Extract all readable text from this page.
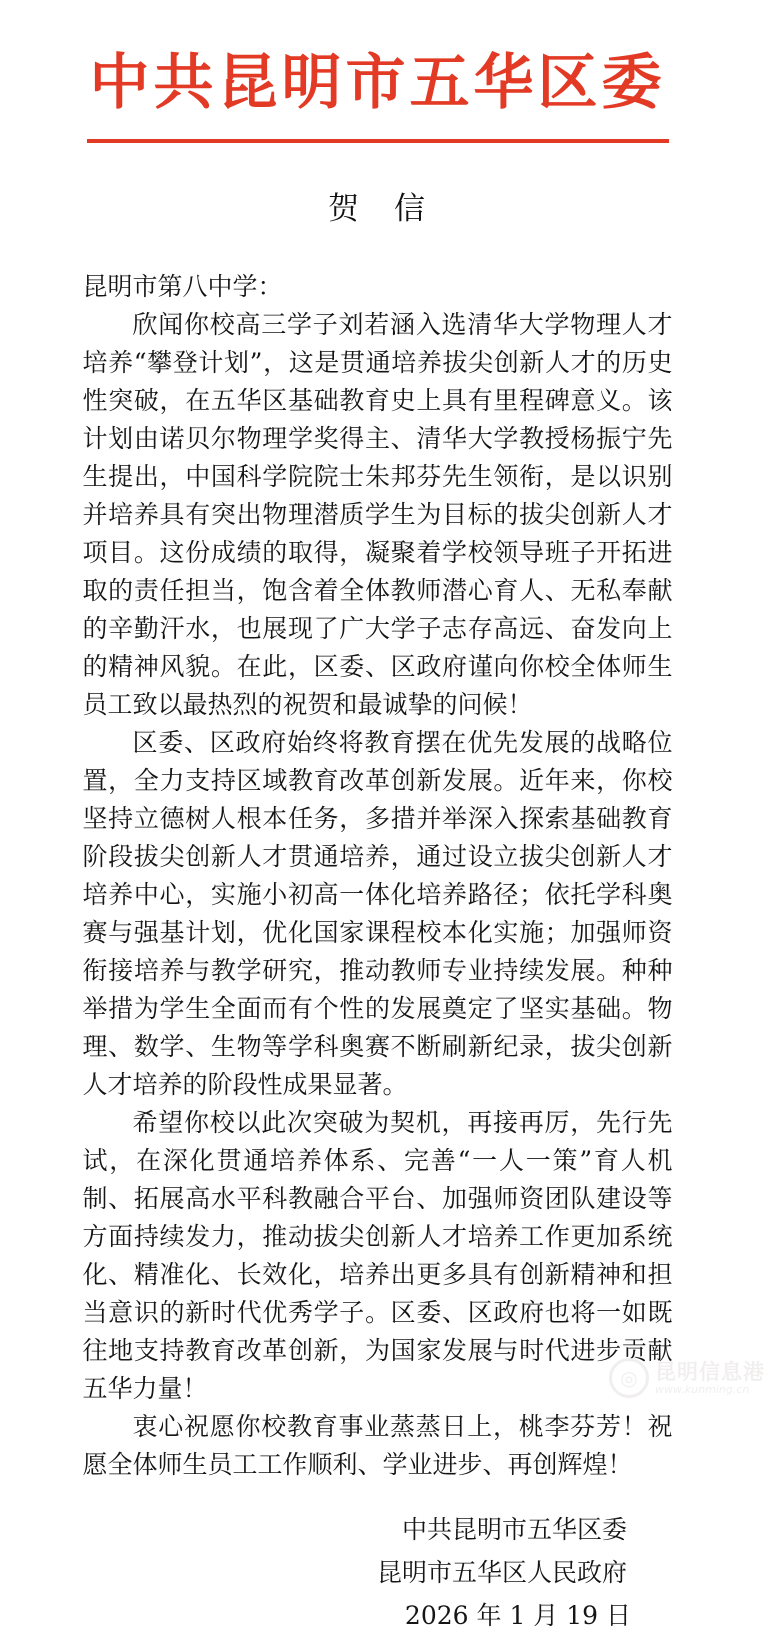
中共昆明市五华区委
贺　信

昆明市第八中学：

欣闻你校高三学子刘若涵入选清华大学物理人才培养“攀登计划”，这是贯通培养拔尖创新人才的历史性突破，在五华区基础教育史上具有里程碑意义。该计划由诺贝尔物理学奖得主、清华大学教授杨振宁先生提出，中国科学院院士朱邦芬先生领衔，是以识别并培养具有突出物理潜质学生为目标的拔尖创新人才项目。这份成绩的取得，凝聚着学校领导班子开拓进取的责任担当，饱含着全体教师潜心育人、无私奉献的辛勤汗水，也展现了广大学子志存高远、奋发向上的精神风貌。在此，区委、区政府谨向你校全体师生员工致以最热烈的祝贺和最诚挚的问候！

区委、区政府始终将教育摆在优先发展的战略位置，全力支持区域教育改革创新发展。近年来，你校坚持立德树人根本任务，多措并举深入探索基础教育阶段拔尖创新人才贯通培养，通过设立拔尖创新人才培养中心，实施小初高一体化培养路径；依托学科奥赛与强基计划，优化国家课程校本化实施；加强师资衔接培养与教学研究，推动教师专业持续发展。种种举措为学生全面而有个性的发展奠定了坚实基础。物理、数学、生物等学科奥赛不断刷新纪录，拔尖创新人才培养的阶段性成果显著。

希望你校以此次突破为契机，再接再厉，先行先试，在深化贯通培养体系、完善“一人一策”育人机制、拓展高水平科教融合平台、加强师资团队建设等方面持续发力，推动拔尖创新人才培养工作更加系统化、精准化、长效化，培养出更多具有创新精神和担当意识的新时代优秀学子。区委、区政府也将一如既往地支持教育改革创新，为国家发展与时代进步贡献五华力量！

衷心祝愿你校教育事业蒸蒸日上，桃李芬芳！祝愿全体师生员工工作顺利、学业进步、再创辉煌！

中共昆明市五华区委
昆明市五华区人民政府
2026 年 1 月 19 日
◎ 昆明信息港
www.kunming.cn
